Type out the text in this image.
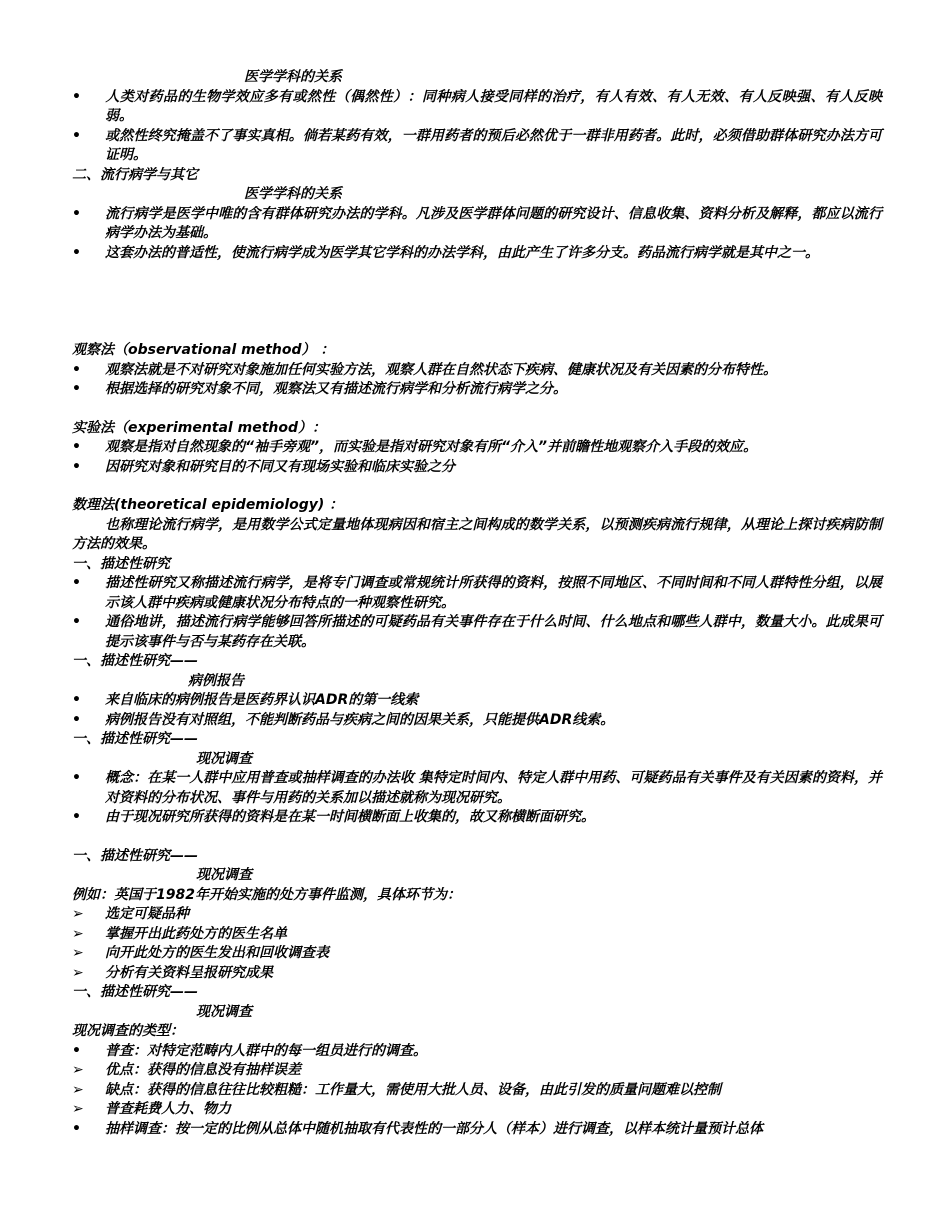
医学学科的关系
• 人类对药品的生物学效应多有或然性（偶然性）：同种病人接受同样的治疗，有人有效、有人无效、有人反映强、有人反映弱。
• 或然性终究掩盖不了事实真相。倘若某药有效，一群用药者的预后必然优于一群非用药者。此时，必须借助群体研究办法方可证明。
二、流行病学与其它
医学学科的关系
• 流行病学是医学中唯的含有群体研究办法的学科。凡涉及医学群体问题的研究设计、信息收集、资料分析及解释，都应以流行病学办法为基础。
• 这套办法的普适性，使流行病学成为医学其它学科的办法学科，由此产生了许多分支。药品流行病学就是其中之一。
观察法（observational method） ：
• 观察法就是不对研究对象施加任何实验方法，观察人群在自然状态下疾病、健康状况及有关因素的分布特性。
• 根据选择的研究对象不同，观察法又有描述流行病学和分析流行病学之分。
实验法（experimental method）：
• 观察是指对自然现象的“袖手旁观”，而实验是指对研究对象有所“介入”并前瞻性地观察介入手段的效应。
• 因研究对象和研究目的不同又有现场实验和临床实验之分
数理法(theoretical epidemiology) ：
也称理论流行病学，是用数学公式定量地体现病因和宿主之间构成的数学关系，以预测疾病流行规律，从理论上探讨疾病防制方法的效果。
一、描述性研究
• 描述性研究又称描述流行病学，是将专门调查或常规统计所获得的资料，按照不同地区、不同时间和不同人群特性分组，以展示该人群中疾病或健康状况分布特点的一种观察性研究。
• 通俗地讲，描述流行病学能够回答所描述的可疑药品有关事件存在于什么时间、什么地点和哪些人群中，数量大小。此成果可提示该事件与否与某药存在关联。
一、描述性研究——
病例报告
• 来自临床的病例报告是医药界认识ADR的第一线索
• 病例报告没有对照组，不能判断药品与疾病之间的因果关系，只能提供ADR线索。
一、描述性研究——
现况调查
• 概念：在某一人群中应用普查或抽样调查的办法收 集特定时间内、特定人群中用药、可疑药品有关事件及有关因素的资料，并对资料的分布状况、事件与用药的关系加以描述就称为现况研究。
• 由于现况研究所获得的资料是在某一时间横断面上收集的，故又称横断面研究。
一、描述性研究——
现况调查
例如：英国于1982年开始实施的处方事件监测，具体环节为：
➢ 选定可疑品种
➢ 掌握开出此药处方的医生名单
➢ 向开此处方的医生发出和回收调查表
➢ 分析有关资料呈报研究成果
一、描述性研究——
现况调查
现况调查的类型：
• 普查：对特定范畴内人群中的每一组员进行的调查。
➢ 优点：获得的信息没有抽样误差
➢ 缺点：获得的信息往往比较粗糙：工作量大，需使用大批人员、设备，由此引发的质量问题难以控制
➢ 普查耗费人力、物力
• 抽样调查：按一定的比例从总体中随机抽取有代表性的一部分人（样本）进行调查，以样本统计量预计总体
